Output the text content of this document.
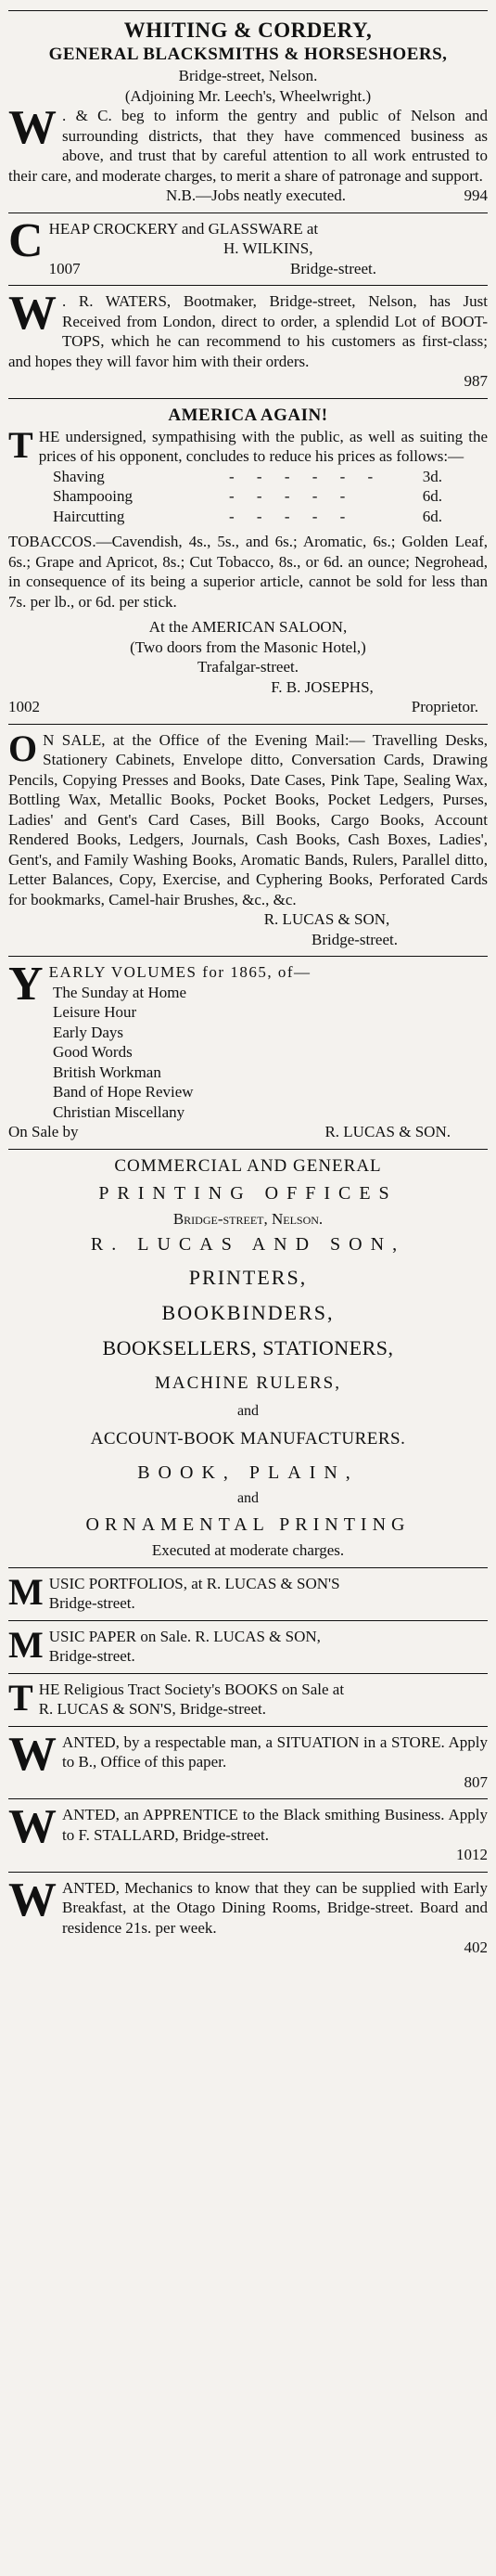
WHITING & CORDERY,
GENERAL BLACKSMITHS & HORSESHOERS,
Bridge-street, Nelson.
(Adjoining Mr. Leech's, Wheelwright.)
W . & C. beg to inform the gentry and public of Nelson and surrounding districts, that they have commenced business as above, and trust that by careful attention to all work entrusted to their care, and moderate charges, to merit a share of patronage and support.
N.B.—Jobs neatly executed.	994
C HEAP CROCKERY and GLASSWARE at
H. WILKINS,
1007	Bridge-street.
W . R. WATERS, Bootmaker, Bridge-street, Nelson, has Just Received from London, direct to order, a splendid Lot of BOOT-TOPS, which he can recommend to his customers as first-class; and hopes they will favor him with their orders.
987
AMERICA AGAIN!
T HE undersigned, sympathising with the public, as well as suiting the prices of his opponent, concludes to reduce his prices as follows:—
Shaving	- - - - - -	3d.
Shampooing	- - - - -	6d.
Haircutting	- - - - -	6d.
TOBACCOS.—Cavendish, 4s., 5s., and 6s.; Aromatic, 6s.; Golden Leaf, 6s.; Grape and Apricot, 8s.; Cut Tobacco, 8s., or 6d. an ounce; Negrohead, in consequence of its being a superior article, cannot be sold for less than 7s. per lb., or 6d. per stick.
At the AMERICAN SALOON,
(Two doors from the Masonic Hotel,)
Trafalgar-street.
F. B. JOSEPHS,
1002	Proprietor.
O N SALE, at the Office of the Evening Mail:— Travelling Desks, Stationery Cabinets, Envelope ditto, Conversation Cards, Drawing Pencils, Copying Presses and Books, Date Cases, Pink Tape, Sealing Wax, Bottling Wax, Metallic Books, Pocket Books, Pocket Ledgers, Purses, Ladies' and Gent's Card Cases, Bill Books, Cargo Books, Account Rendered Books, Ledgers, Journals, Cash Books, Cash Boxes, Ladies', Gent's, and Family Washing Books, Aromatic Bands, Rulers, Parallel ditto, Letter Balances, Copy, Exercise, and Cyphering Books, Perforated Cards for bookmarks, Camel-hair Brushes, &c., &c.
R. LUCAS & SON,
Bridge-street.
Y EARLY VOLUMES for 1865, of—
The Sunday at Home
Leisure Hour
Early Days
Good Words
British Workman
Band of Hope Review
Christian Miscellany
On Sale by	R. LUCAS & SON.
COMMERCIAL AND GENERAL
PRINTING OFFICES
Bridge-street, Nelson.
R. LUCAS AND SON,
PRINTERS,
BOOKBINDERS,
BOOKSELLERS, STATIONERS,
MACHINE RULERS,
and
ACCOUNT-BOOK MANUFACTURERS.
BOOK, PLAIN,
and
ORNAMENTAL PRINTING
Executed at moderate charges.
M USIC PORTFOLIOS, at R. LUCAS & SON'S
Bridge-street.
M USIC PAPER on Sale. R. LUCAS & SON,
Bridge-street.
T HE Religious Tract Society's BOOKS on Sale at
R. LUCAS & SON'S, Bridge-street.
W ANTED, by a respectable man, a SITUATION in a STORE. Apply to B., Office of this paper.
807
W ANTED, an APPRENTICE to the Black smithing Business. Apply to F. STALLARD, Bridge-street.
1012
W ANTED, Mechanics to know that they can be supplied with Early Breakfast, at the Otago Dining Rooms, Bridge-street. Board and residence 21s. per week.
402
